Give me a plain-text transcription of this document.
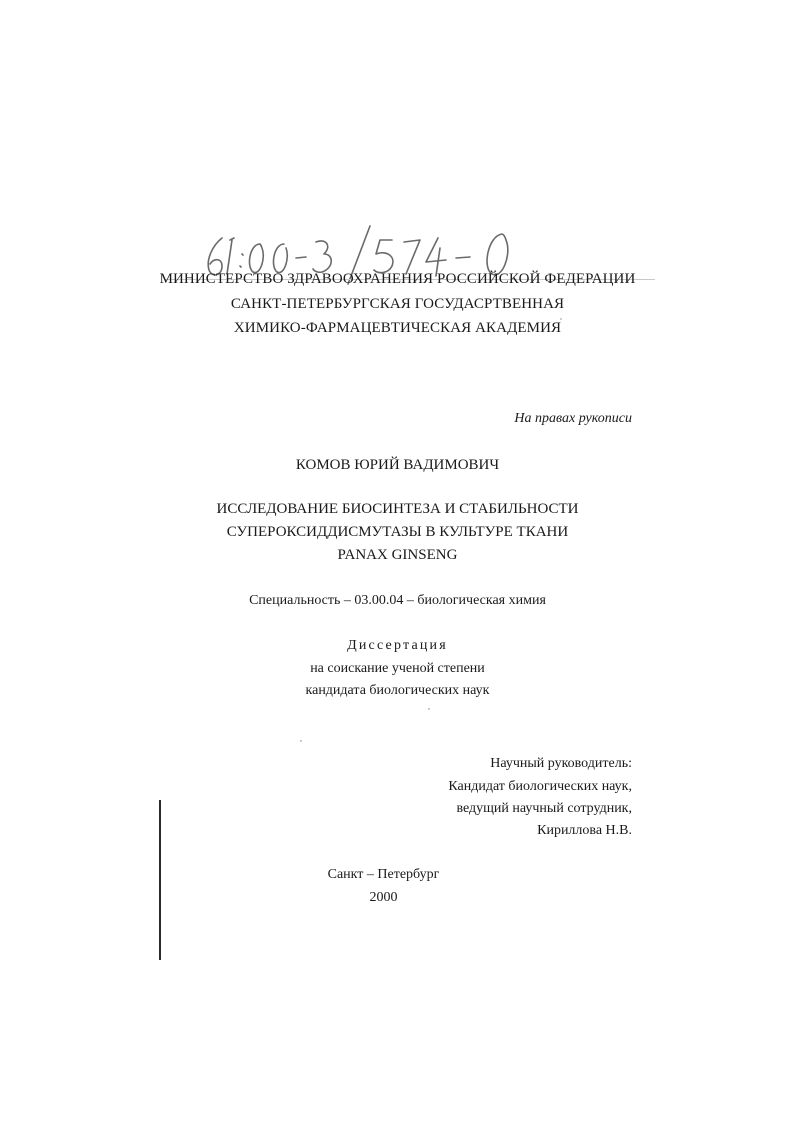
МИНИСТЕРСТВО ЗДРАВООХРАНЕНИЯ РОССИЙСКОЙ ФЕДЕРАЦИИ
САНКТ-ПЕТЕРБУРГСКАЯ ГОСУДАСРТВЕННАЯ
ХИМИКО-ФАРМАЦЕВТИЧЕСКАЯ АКАДЕМИЯ
На правах рукописи
КОМОВ ЮРИЙ ВАДИМОВИЧ
ИССЛЕДОВАНИЕ БИОСИНТЕЗА И СТАБИЛЬНОСТИ
СУПЕРОКСИДДИСМУТАЗЫ В КУЛЬТУРЕ ТКАНИ
PANAX GINSENG
Специальность – 03.00.04 – биологическая химия
Диссертация
на соискание ученой степени
кандидата биологических наук
Научный руководитель:
Кандидат биологических наук,
ведущий научный сотрудник,
Кириллова Н.В.
Санкт – Петербург
2000
